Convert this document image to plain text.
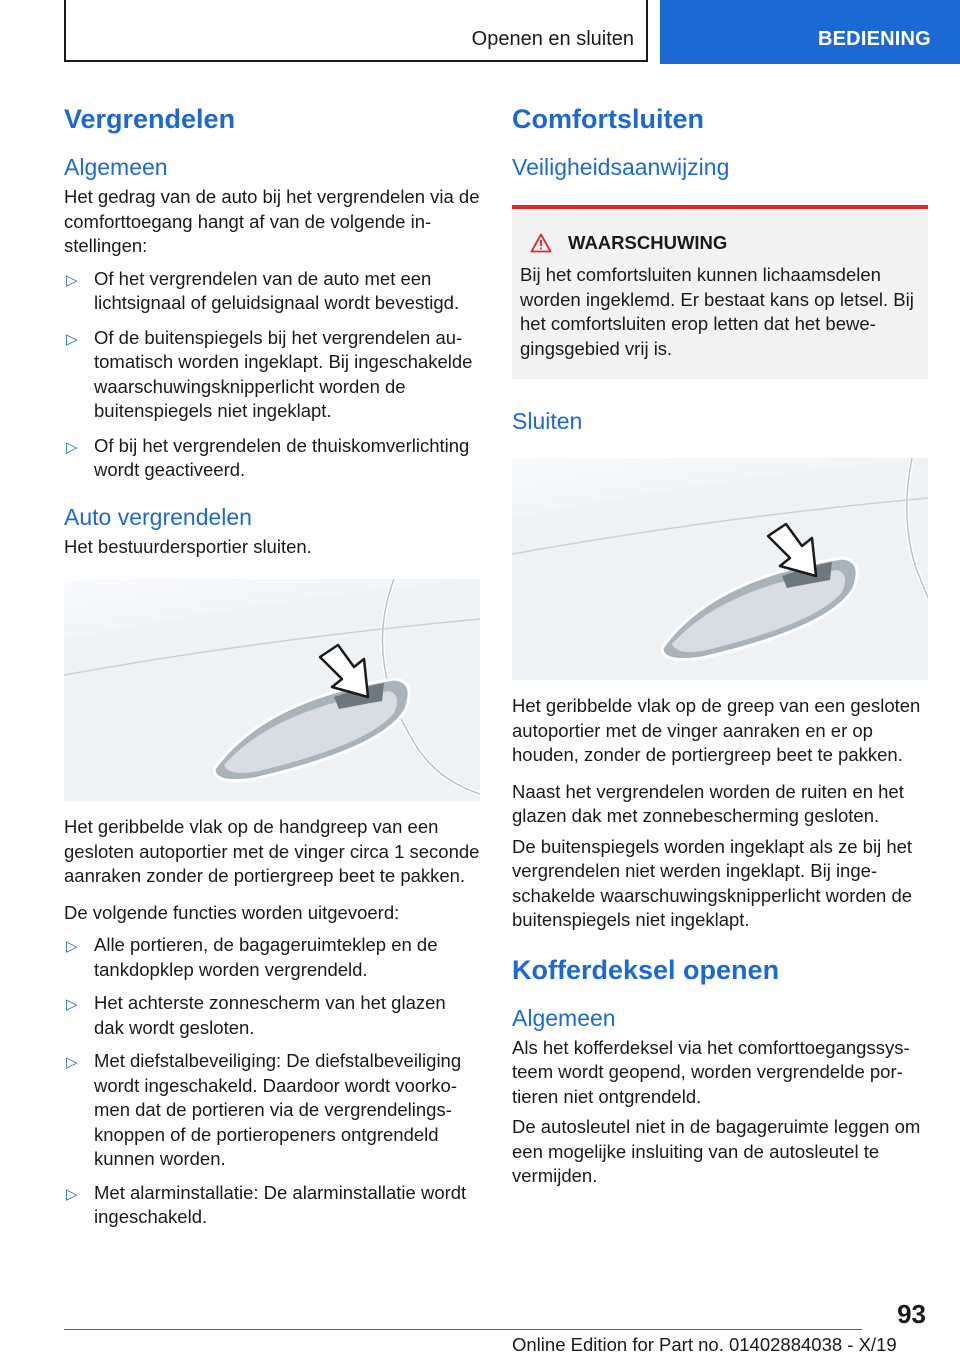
Openen en sluiten	BEDIENING
Vergrendelen
Algemeen

Het gedrag van de auto bij het vergrendelen via de comforttoegang hangt af van de volgende instellingen:

▷ Of het vergrendelen van de auto met een lichtsignaal of geluidsignaal wordt bevestigd.
▷ Of de buitenspiegels bij het vergrendelen automatisch worden ingeklapt. Bij ingeschakelde waarschuwingsknipperlicht worden de buitenspiegels niet ingeklapt.
▷ Of bij het vergrendelen de thuiskomverlichting wordt geactiveerd.
Auto vergrendelen

Het bestuurdersportier sluiten.

Het geribbelde vlak op de handgreep van een gesloten autoportier met de vinger circa 1 seconde aanraken zonder de portiergreep beet te pakken.

De volgende functies worden uitgevoerd:

▷ Alle portieren, de bagageruimteklep en de tankdopklep worden vergrendeld.
▷ Het achterste zonnescherm van het glazen dak wordt gesloten.
▷ Met diefstalbeveiliging: De diefstalbeveiliging wordt ingeschakeld. Daardoor wordt voorkomen dat de portieren via de vergrendelingsknoppen of de portieropeners ontgrendeld kunnen worden.
▷ Met alarminstallatie: De alarminstallatie wordt ingeschakeld.
Comfortsluiten
Veiligheidsaanwijzing
WAARSCHUWING

Bij het comfortsluiten kunnen lichaamsdelen worden ingeklemd. Er bestaat kans op letsel. Bij het comfortsluiten erop letten dat het bewegingsgebied vrij is.

Sluiten

Het geribbelde vlak op de greep van een gesloten autoportier met de vinger aanraken en er op houden, zonder de portiergreep beet te pakken.

Naast het vergrendelen worden de ruiten en het glazen dak met zonnebescherming gesloten.

De buitenspiegels worden ingeklapt als ze bij het vergrendelen niet werden ingeklapt. Bij ingeschakelde waarschuwingsknipperlicht worden de buitenspiegels niet ingeklapt.

Kofferdeksel openen
Algemeen

Als het kofferdeksel via het comforttoegangssysteem wordt geopend, worden vergrendelde portieren niet ontgrendeld.

De autosleutel niet in de bagageruimte leggen om een mogelijke insluiting van de autosleutel te vermijden.

93
Online Edition for Part no. 01402884038 - X/19
